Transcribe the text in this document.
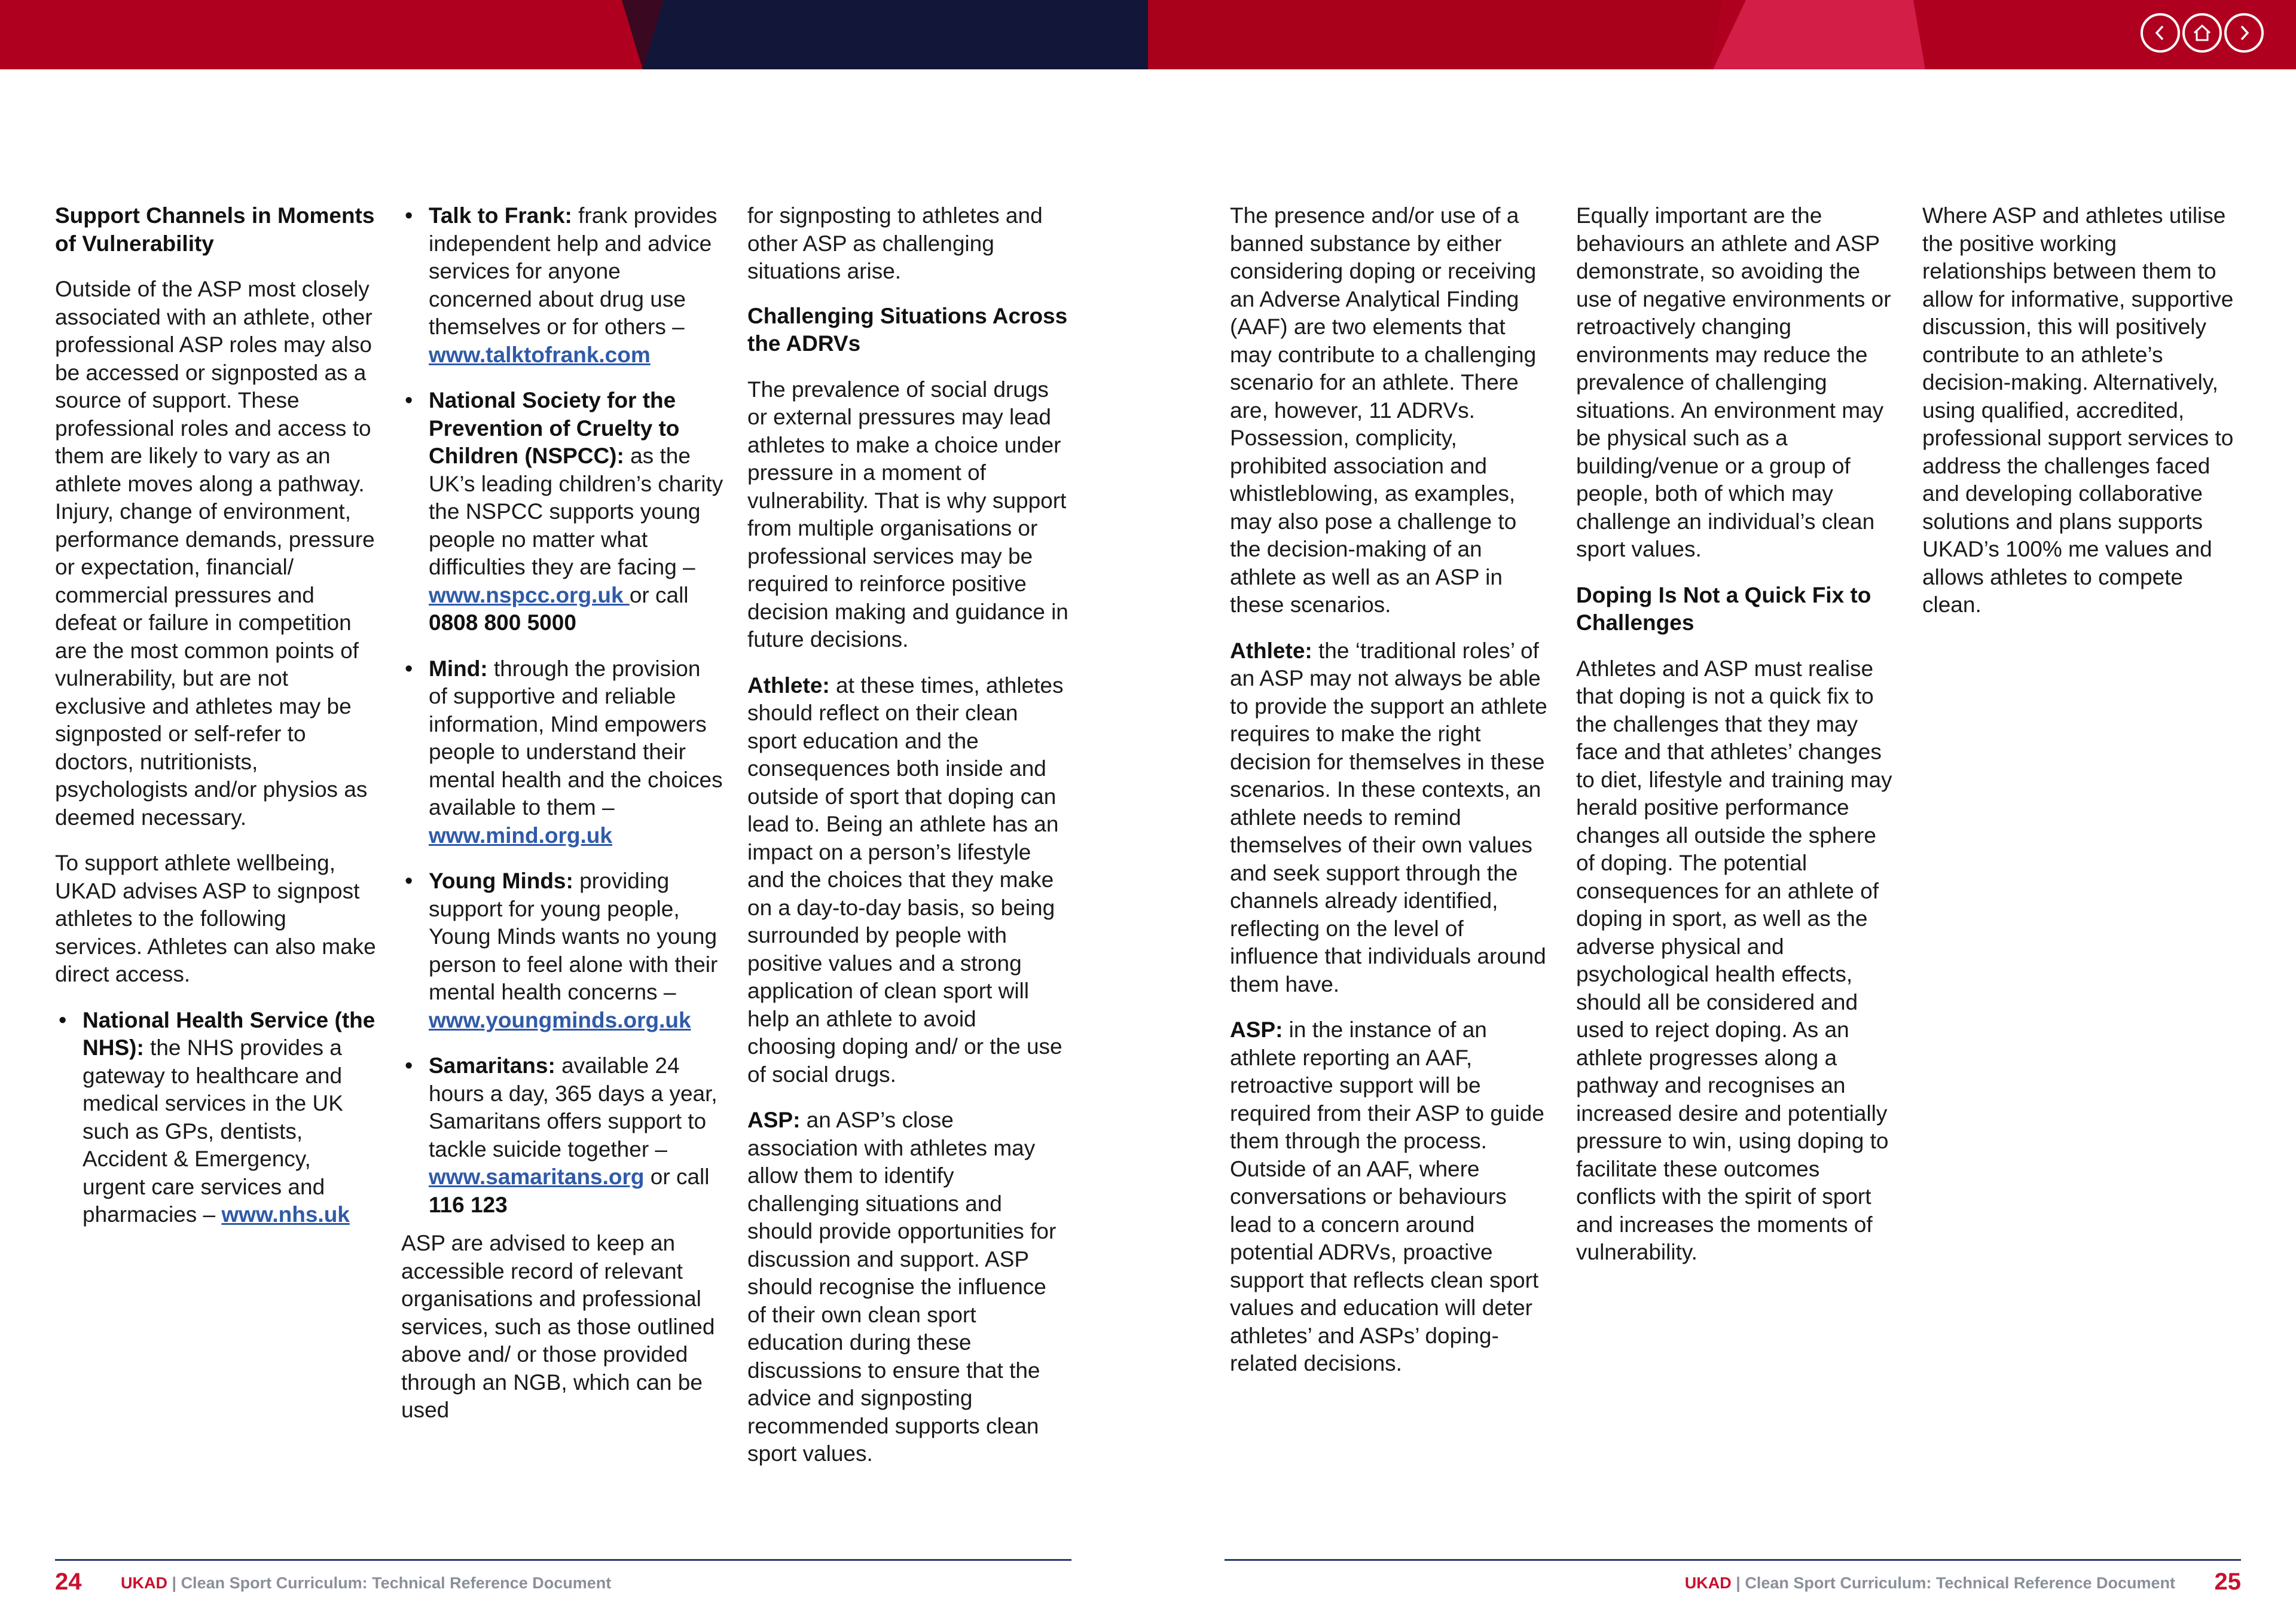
Support Channels in Moments of Vulnerability

Outside of the ASP most closely associated with an athlete, other professional ASP roles may also be accessed or signposted as a source of support. These professional roles and access to them are likely to vary as an athlete moves along a pathway. Injury, change of environment, performance demands, pressure or expectation, financial/ commercial pressures and defeat or failure in competition are the most common points of vulnerability, but are not exclusive and athletes may be signposted or self-refer to doctors, nutritionists, psychologists and/or physios as deemed necessary.

To support athlete wellbeing, UKAD advises ASP to signpost athletes to the following services. Athletes can also make direct access.

• National Health Service (the NHS): the NHS provides a gateway to healthcare and medical services in the UK such as GPs, dentists, Accident & Emergency, urgent care services and pharmacies – www.nhs.uk
• Talk to Frank: frank provides independent help and advice services for anyone concerned about drug use themselves or for others – www.talktofrank.com
• National Society for the Prevention of Cruelty to Children (NSPCC): as the UK’s leading children’s charity the NSPCC supports young people no matter what difficulties they are facing – www.nspcc.org.uk or call 0808 800 5000
• Mind: through the provision of supportive and reliable information, Mind empowers people to understand their mental health and the choices available to them – www.mind.org.uk
• Young Minds: providing support for young people, Young Minds wants no young person to feel alone with their mental health concerns – www.youngminds.org.uk
• Samaritans: available 24 hours a day, 365 days a year, Samaritans offers support to tackle suicide together – www.samaritans.org or call 116 123

ASP are advised to keep an accessible record of relevant organisations and professional services, such as those outlined above and/ or those provided through an NGB, which can be used

for signposting to athletes and other ASP as challenging situations arise.

Challenging Situations Across the ADRVs

The prevalence of social drugs or external pressures may lead athletes to make a choice under pressure in a moment of vulnerability. That is why support from multiple organisations or professional services may be required to reinforce positive decision making and guidance in future decisions.

Athlete: at these times, athletes should reflect on their clean sport education and the consequences both inside and outside of sport that doping can lead to. Being an athlete has an impact on a person’s lifestyle and the choices that they make on a day-to-day basis, so being surrounded by people with positive values and a strong application of clean sport will help an athlete to avoid choosing doping and/ or the use of social drugs.

ASP: an ASP’s close association with athletes may allow them to identify challenging situations and should provide opportunities for discussion and support. ASP should recognise the influence of their own clean sport education during these discussions to ensure that the advice and signposting recommended supports clean sport values.

The presence and/or use of a banned substance by either considering doping or receiving an Adverse Analytical Finding (AAF) are two elements that may contribute to a challenging scenario for an athlete. There are, however, 11 ADRVs. Possession, complicity, prohibited association and whistleblowing, as examples, may also pose a challenge to the decision-making of an athlete as well as an ASP in these scenarios.

Athlete: the ‘traditional roles’ of an ASP may not always be able to provide the support an athlete requires to make the right decision for themselves in these scenarios. In these contexts, an athlete needs to remind themselves of their own values and seek support through the channels already identified, reflecting on the level of influence that individuals around them have.

ASP: in the instance of an athlete reporting an AAF, retroactive support will be required from their ASP to guide them through the process. Outside of an AAF, where conversations or behaviours lead to a concern around potential ADRVs, proactive support that reflects clean sport values and education will deter athletes’ and ASPs’ doping-related decisions.

Equally important are the behaviours an athlete and ASP demonstrate, so avoiding the use of negative environments or retroactively changing environments may reduce the prevalence of challenging situations. An environment may be physical such as a building/venue or a group of people, both of which may challenge an individual’s clean sport values.

Doping Is Not a Quick Fix to Challenges

Athletes and ASP must realise that doping is not a quick fix to the challenges that they may face and that athletes’ changes to diet, lifestyle and training may herald positive performance changes all outside the sphere of doping. The potential consequences for an athlete of doping in sport, as well as the adverse physical and psychological health effects, should all be considered and used to reject doping. As an athlete progresses along a pathway and recognises an increased desire and potentially pressure to win, using doping to facilitate these outcomes conflicts with the spirit of sport and increases the moments of vulnerability.

Where ASP and athletes utilise the positive working relationships between them to allow for informative, supportive discussion, this will positively contribute to an athlete’s decision-making. Alternatively, using qualified, accredited, professional support services to address the challenges faced and developing collaborative solutions and plans supports UKAD’s 100% me values and allows athletes to compete clean.

24 UKAD | Clean Sport Curriculum: Technical Reference Document	UKAD | Clean Sport Curriculum: Technical Reference Document 25
